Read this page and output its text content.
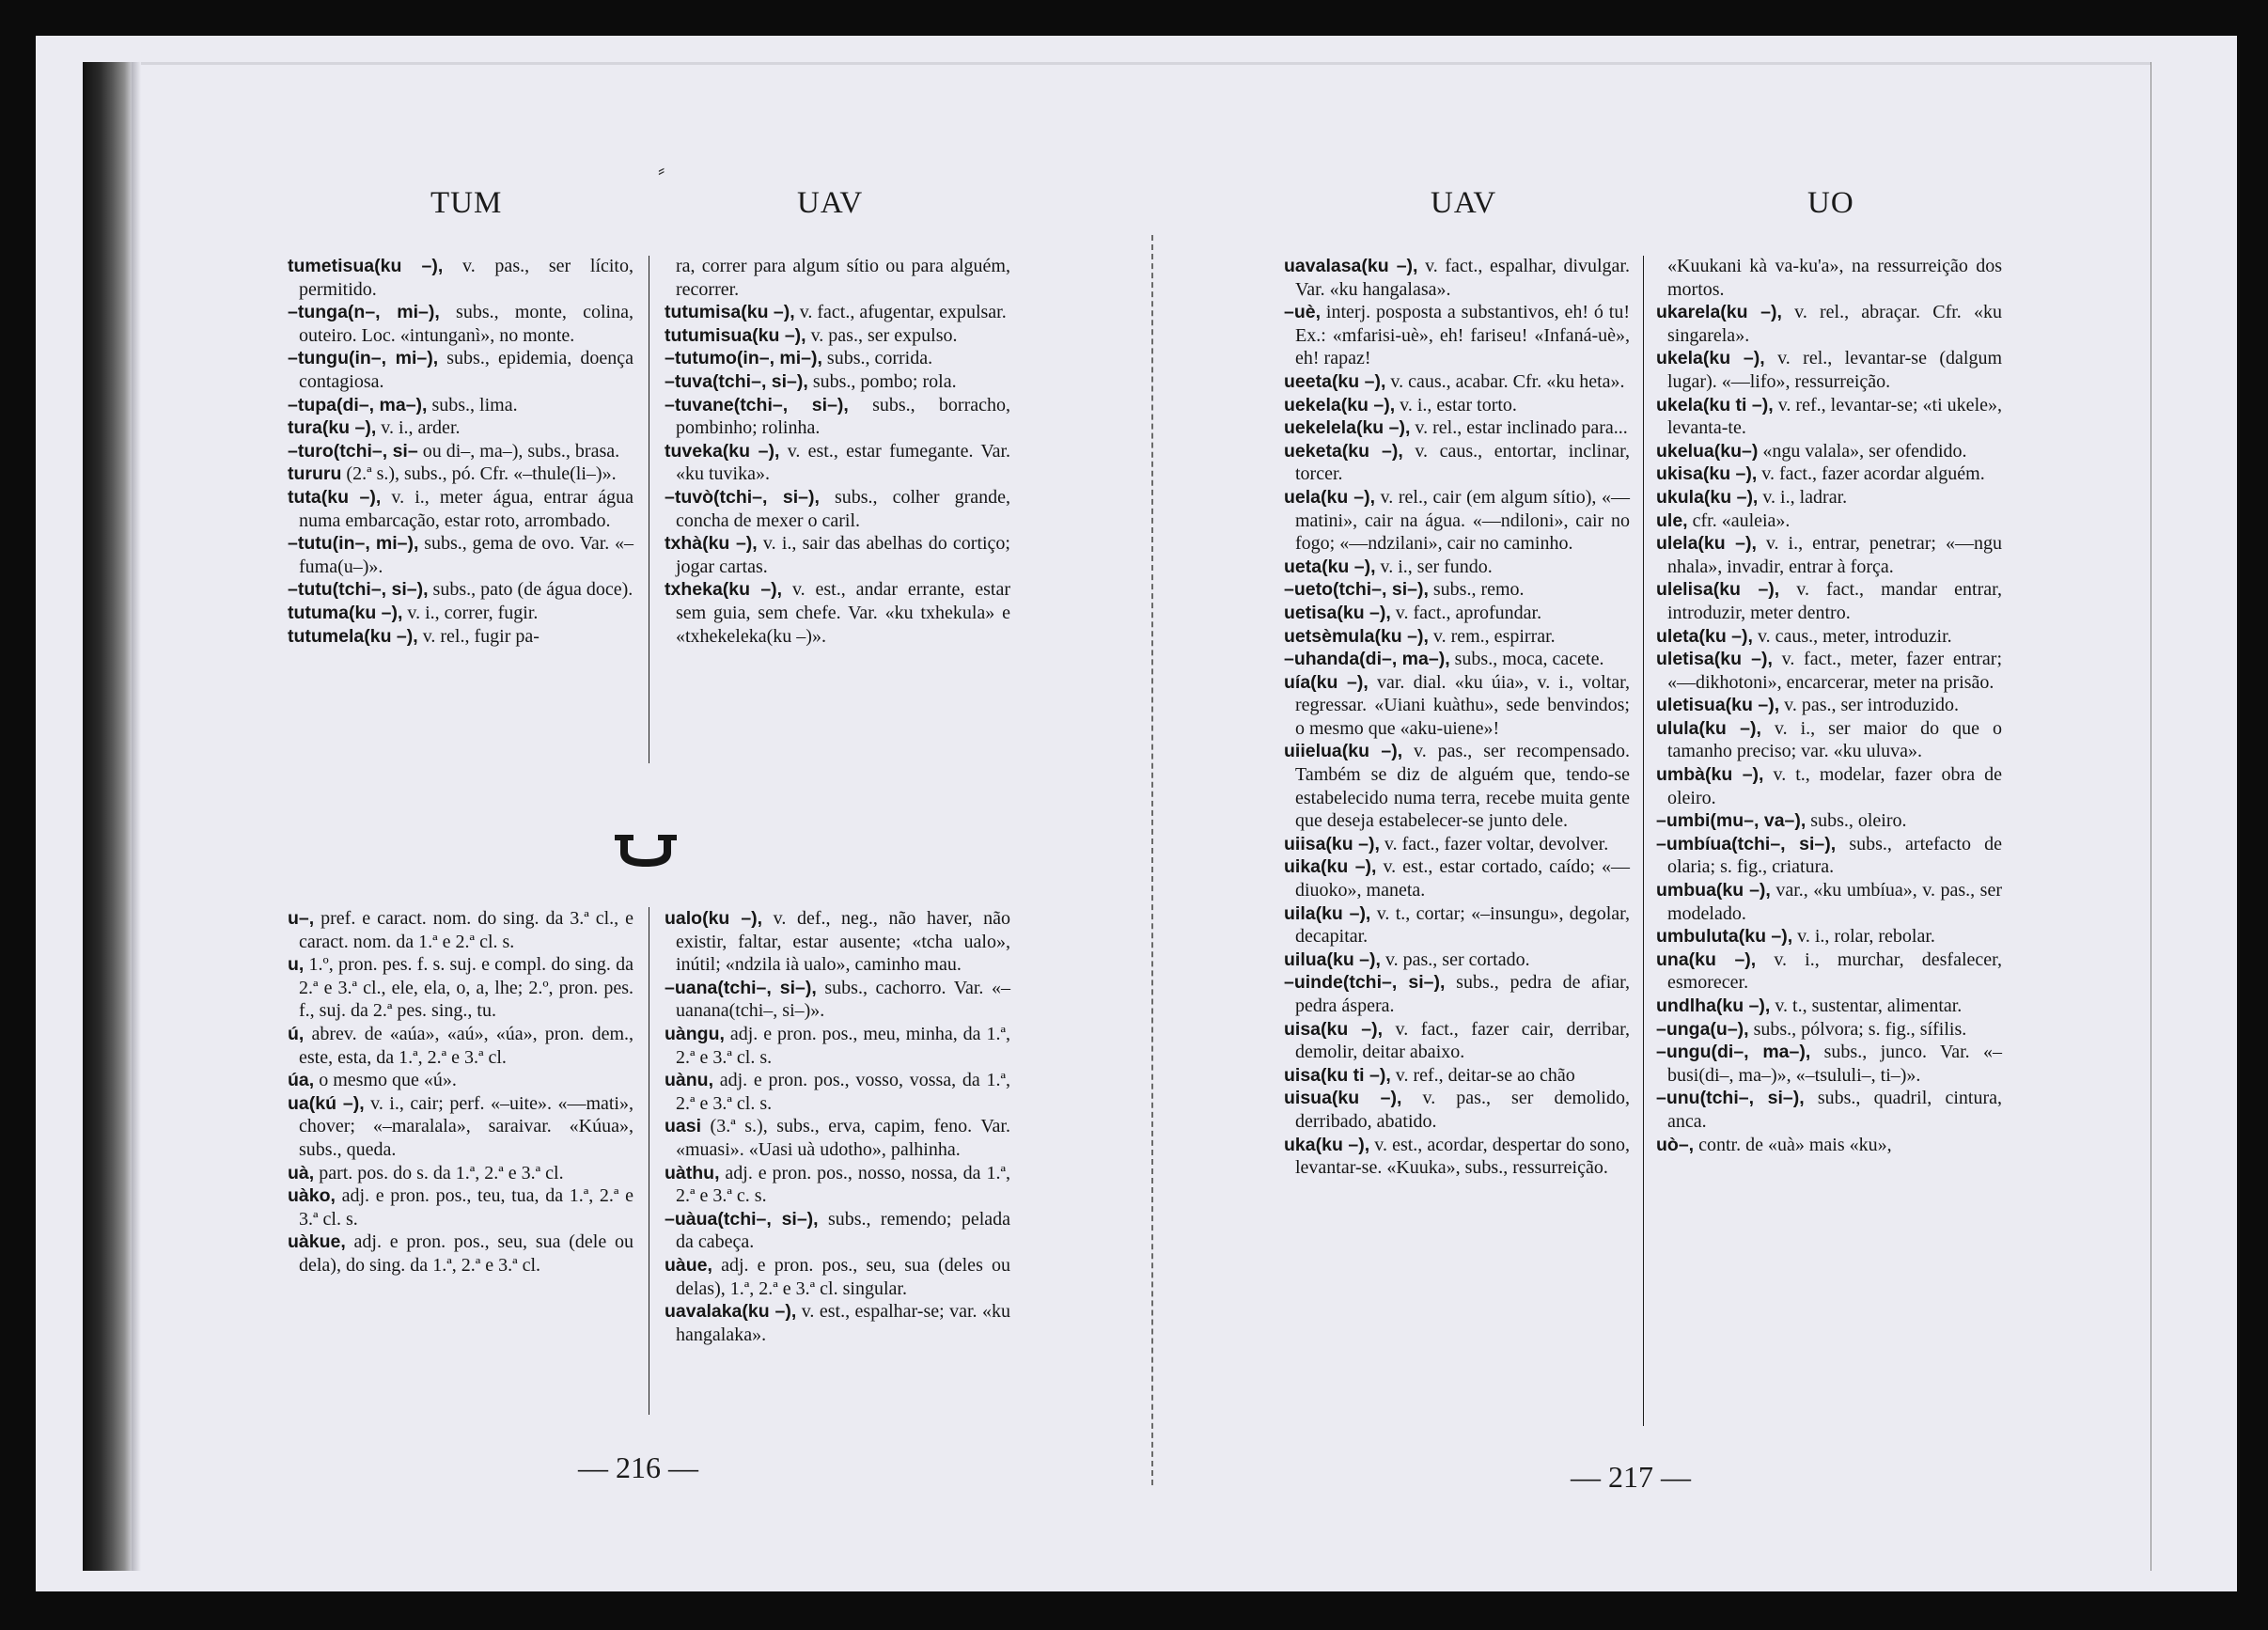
⸗
TUM	UAV
tumetisua(ku –), v. pas., ser lícito, permitido.
–tunga(n–, mi–), subs., monte, colina, outeiro. Loc. «intunganì», no monte.
–tungu(in–, mi–), subs., epidemia, doença contagiosa.
–tupa(di–, ma–), subs., lima.
tura(ku –), v. i., arder.
–turo(tchi–, si– ou di–, ma–), subs., brasa.
tururu (2.ª s.), subs., pó. Cfr. «–thule(li–)».
tuta(ku –), v. i., meter água, entrar água numa embarcação, estar roto, arrombado.
–tutu(in–, mi–), subs., gema de ovo. Var. «–fuma(u–)».
–tutu(tchi–, si–), subs., pato (de água doce).
tutuma(ku –), v. i., correr, fugir.
tutumela(ku –), v. rel., fugir pa-
ra, correr para algum sítio ou para alguém, recorrer.
tutumisa(ku –), v. fact., afugentar, expulsar.
tutumisua(ku –), v. pas., ser expulso.
–tutumo(in–, mi–), subs., corrida.
–tuva(tchi–, si–), subs., pombo; rola.
–tuvane(tchi–, si–), subs., borracho, pombinho; rolinha.
tuveka(ku –), v. est., estar fumegante. Var. «ku tuvika».
–tuvò(tchi–, si–), subs., colher grande, concha de mexer o caril.
txhà(ku –), v. i., sair das abelhas do cortiço; jogar cartas.
txheka(ku –), v. est., andar errante, estar sem guia, sem chefe. Var. «ku txhekula» e «txhekeleka(ku –)».
u–, pref. e caract. nom. do sing. da 3.ª cl., e caract. nom. da 1.ª e 2.ª cl. s.
u, 1.º, pron. pes. f. s. suj. e compl. do sing. da 2.ª e 3.ª cl., ele, ela, o, a, lhe; 2.º, pron. pes. f., suj. da 2.ª pes. sing., tu.
ú, abrev. de «aúa», «aú», «úa», pron. dem., este, esta, da 1.ª, 2.ª e 3.ª cl.
úa, o mesmo que «ú».
ua(kú –), v. i., cair; perf. «–uite». «—mati», chover; «–maralala», saraivar. «Kúua», subs., queda.
uà, part. pos. do s. da 1.ª, 2.ª e 3.ª cl.
uàko, adj. e pron. pos., teu, tua, da 1.ª, 2.ª e 3.ª cl. s.
uàkue, adj. e pron. pos., seu, sua (dele ou dela), do sing. da 1.ª, 2.ª e 3.ª cl.
ualo(ku –), v. def., neg., não haver, não existir, faltar, estar ausente; «tcha ualo», inútil; «ndzila ià ualo», caminho mau.
–uana(tchi–, si–), subs., cachorro. Var. «–uanana(tchi–, si–)».
uàngu, adj. e pron. pos., meu, minha, da 1.ª, 2.ª e 3.ª cl. s.
uànu, adj. e pron. pos., vosso, vossa, da 1.ª, 2.ª e 3.ª cl. s.
uasi (3.ª s.), subs., erva, capim, feno. Var. «muasi». «Uasi uà udotho», palhinha.
uàthu, adj. e pron. pos., nosso, nossa, da 1.ª, 2.ª e 3.ª c. s.
–uàua(tchi–, si–), subs., remendo; pelada da cabeça.
uàue, adj. e pron. pos., seu, sua (deles ou delas), 1.ª, 2.ª e 3.ª cl. singular.
uavalaka(ku –), v. est., espalhar-se; var. «ku hangalaka».
— 216 —
UAV	UO
uavalasa(ku –), v. fact., espalhar, divulgar. Var. «ku hangalasa».
–uè, interj. posposta a substantivos, eh! ó tu! Ex.: «mfarisi-uè», eh! fariseu! «Infaná-uè», eh! rapaz!
ueeta(ku –), v. caus., acabar. Cfr. «ku heta».
uekela(ku –), v. i., estar torto.
uekelela(ku –), v. rel., estar inclinado para...
ueketa(ku –), v. caus., entortar, inclinar, torcer.
uela(ku –), v. rel., cair (em algum sítio), «—matini», cair na água. «—ndiloni», cair no fogo; «—ndzilani», cair no caminho.
ueta(ku –), v. i., ser fundo.
–ueto(tchi–, si–), subs., remo.
uetisa(ku –), v. fact., aprofundar.
uetsèmula(ku –), v. rem., espirrar.
–uhanda(di–, ma–), subs., moca, cacete.
uía(ku –), var. dial. «ku úia», v. i., voltar, regressar. «Uiani kuàthu», sede benvindos; o mesmo que «aku-uiene»!
uiielua(ku –), v. pas., ser recompensado. Também se diz de alguém que, tendo-se estabelecido numa terra, recebe muita gente que deseja estabelecer-se junto dele.
uiisa(ku –), v. fact., fazer voltar, devolver.
uika(ku –), v. est., estar cortado, caído; «—diuoko», maneta.
uila(ku –), v. t., cortar; «–insungu», degolar, decapitar.
uilua(ku –), v. pas., ser cortado.
–uinde(tchi–, si–), subs., pedra de afiar, pedra áspera.
uisa(ku –), v. fact., fazer cair, derribar, demolir, deitar abaixo.
uisa(ku ti –), v. ref., deitar-se ao chão
uisua(ku –), v. pas., ser demolido, derribado, abatido.
uka(ku –), v. est., acordar, despertar do sono, levantar-se. «Kuuka», subs., ressurreição.
«Kuukani kà va-ku'a», na ressurreição dos mortos.
ukarela(ku –), v. rel., abraçar. Cfr. «ku singarela».
ukela(ku –), v. rel., levantar-se (dalgum lugar). «—lifo», ressurreição.
ukela(ku ti –), v. ref., levantar-se; «ti ukele», levanta-te.
ukelua(ku–) «ngu valala», ser ofendido.
ukisa(ku –), v. fact., fazer acordar alguém.
ukula(ku –), v. i., ladrar.
ule, cfr. «auleia».
ulela(ku –), v. i., entrar, penetrar; «—ngu nhala», invadir, entrar à força.
ulelisa(ku –), v. fact., mandar entrar, introduzir, meter dentro.
uleta(ku –), v. caus., meter, introduzir.
uletisa(ku –), v. fact., meter, fazer entrar; «—dikhotoni», encarcerar, meter na prisão.
uletisua(ku –), v. pas., ser introduzido.
ulula(ku –), v. i., ser maior do que o tamanho preciso; var. «ku uluva».
umbà(ku –), v. t., modelar, fazer obra de oleiro.
–umbi(mu–, va–), subs., oleiro.
–umbíua(tchi–, si–), subs., artefacto de olaria; s. fig., criatura.
umbua(ku –), var., «ku umbíua», v. pas., ser modelado.
umbuluta(ku –), v. i., rolar, rebolar.
una(ku –), v. i., murchar, desfalecer, esmorecer.
undlha(ku –), v. t., sustentar, alimentar.
–unga(u–), subs., pólvora; s. fig., sífilis.
–ungu(di–, ma–), subs., junco. Var. «–busi(di–, ma–)», «–tsululi–, ti–)».
–unu(tchi–, si–), subs., quadril, cintura, anca.
uò–, contr. de «uà» mais «ku»,
— 217 —
